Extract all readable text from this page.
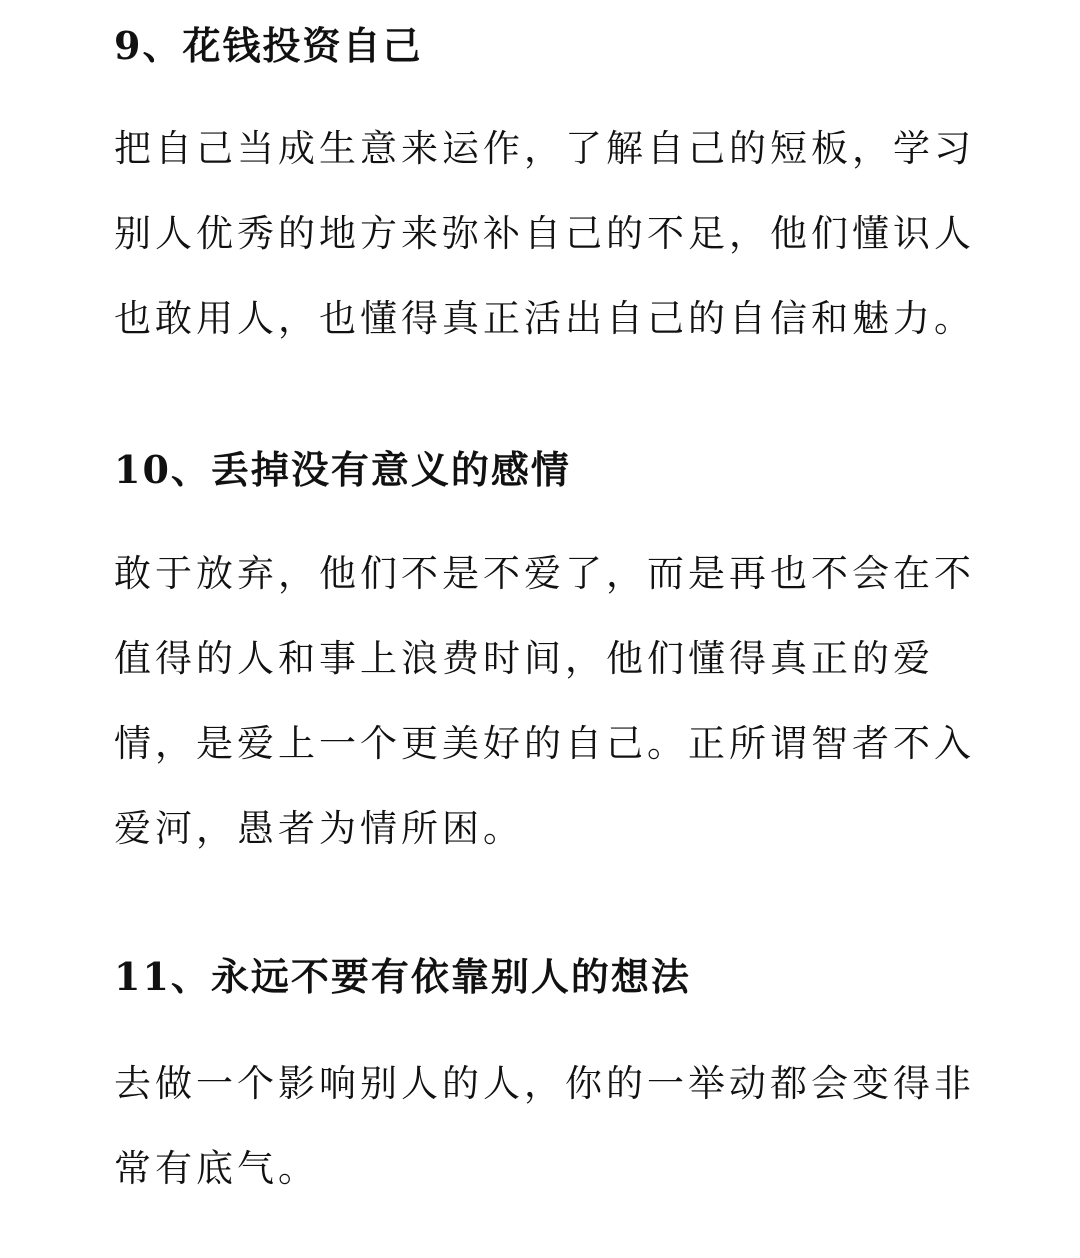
9、花钱投资自己

把自己当成生意来运作，了解自己的短板，学习
别人优秀的地方来弥补自己的不足，他们懂识人
也敢用人，也懂得真正活出自己的自信和魅力。

10、丢掉没有意义的感情

敢于放弃，他们不是不爱了，而是再也不会在不
值得的人和事上浪费时间，他们懂得真正的爱
情，是爱上一个更美好的自己。正所谓智者不入
爱河，愚者为情所困。

11、永远不要有依靠别人的想法

去做一个影响别人的人，你的一举动都会变得非
常有底气。
